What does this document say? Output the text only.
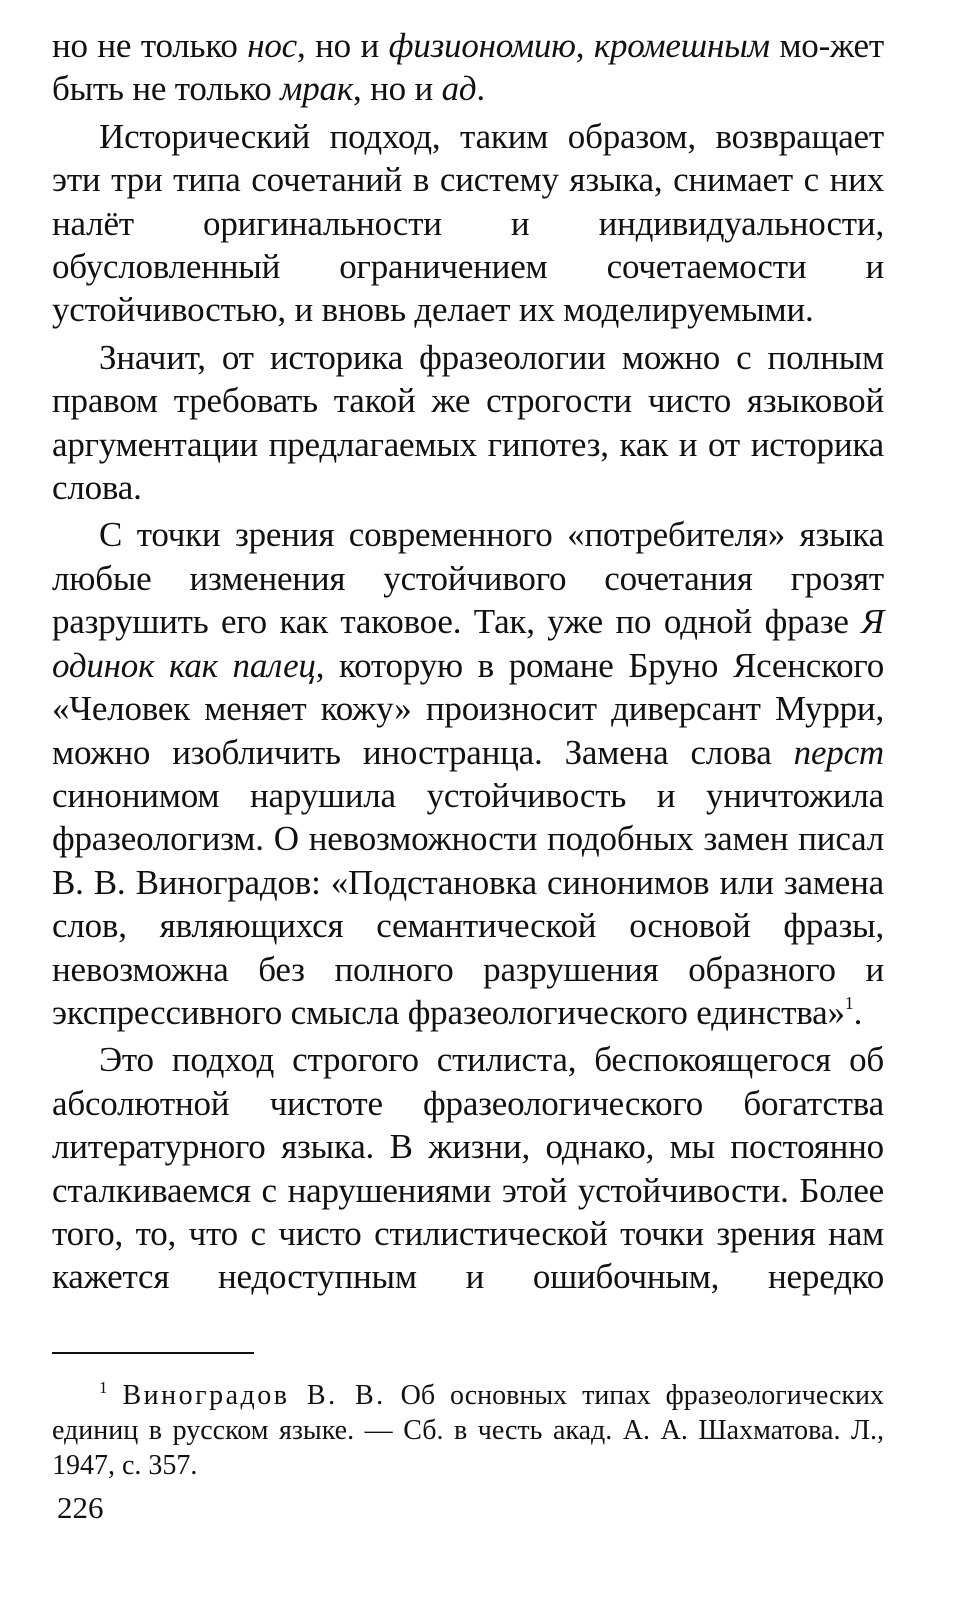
но не только нос, но и физиономию, кромешным мо-жет быть не только мрак, но и ад.

Исторический подход, таким образом, возвращает эти три типа сочетаний в систему языка, снимает с них налёт оригинальности и индивидуальности, обусловленный ограничением сочетаемости и устойчивостью, и вновь делает их моделируемыми.

Значит, от историка фразеологии можно с полным правом требовать такой же строгости чисто языковой аргументации предлагаемых гипотез, как и от историка слова.

С точки зрения современного «потребителя» языка любые изменения устойчивого сочетания грозят разрушить его как таковое. Так, уже по одной фразе Я одинок как палец, которую в романе Бруно Ясенского «Человек меняет кожу» произносит диверсант Мурри, можно изобличить иностранца. Замена слова перст синонимом нарушила устойчивость и уничтожила фразеологизм. О невозможности подобных замен писал В. В. Виноградов: «Подстановка синонимов или замена слов, являющихся семантической основой фразы, невозможна без полного разрушения образного и экспрессивного смысла фразеологического единства»$^1$.

Это подход строгого стилиста, беспокоящегося об абсолютной чистоте фразеологического богатства литературного языка. В жизни, однако, мы постоянно сталкиваемся с нарушениями этой устойчивости. Более того, то, что с чисто стилистической точки зрения нам кажется недоступным и ошибочным, нередко

$^1$ Виноградов В. В. Об основных типах фразеологических единиц в русском языке. — Сб. в честь акад. А. А. Шахматова. Л., 1947, с. 357.

226
